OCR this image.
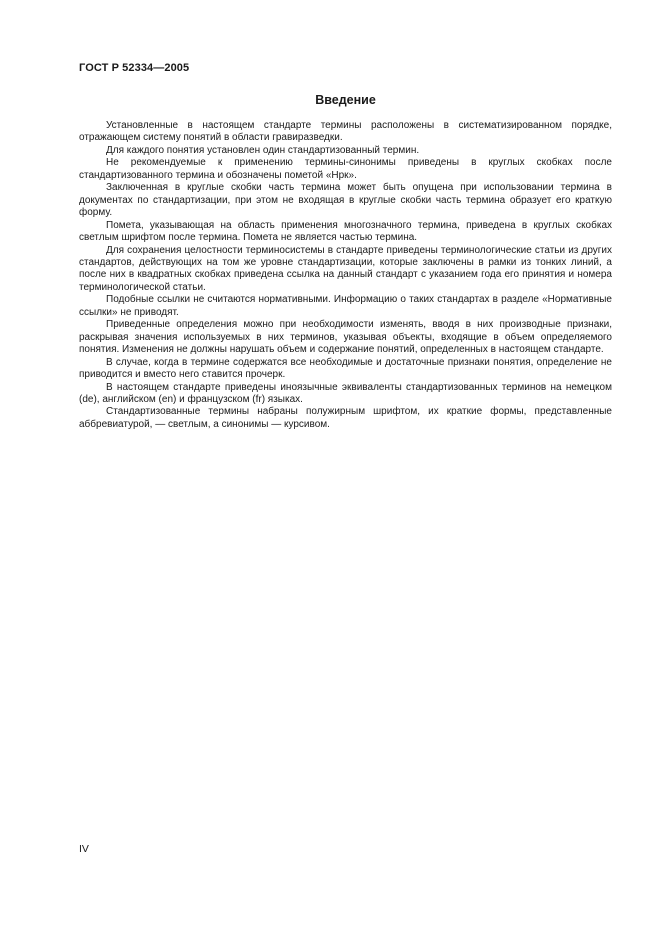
ГОСТ Р 52334—2005
Введение

Установленные в настоящем стандарте термины расположены в систематизированном порядке, отражающем систему понятий в области гравиразведки.

Для каждого понятия установлен один стандартизованный термин.

Не рекомендуемые к применению термины-синонимы приведены в круглых скобках после стандартизованного термина и обозначены пометой «Нрк».

Заключенная в круглые скобки часть термина может быть опущена при использовании термина в документах по стандартизации, при этом не входящая в круглые скобки часть термина образует его краткую форму.

Помета, указывающая на область применения многозначного термина, приведена в круглых скобках светлым шрифтом после термина. Помета не является частью термина.

Для сохранения целостности терминосистемы в стандарте приведены терминологические статьи из других стандартов, действующих на том же уровне стандартизации, которые заключены в рамки из тонких линий, а после них в квадратных скобках приведена ссылка на данный стандарт с указанием года его принятия и номера терминологической статьи.

Подобные ссылки не считаются нормативными. Информацию о таких стандартах в разделе «Нормативные ссылки» не приводят.

Приведенные определения можно при необходимости изменять, вводя в них производные признаки, раскрывая значения используемых в них терминов, указывая объекты, входящие в объем определяемого понятия. Изменения не должны нарушать объем и содержание понятий, определенных в настоящем стандарте.

В случае, когда в термине содержатся все необходимые и достаточные признаки понятия, определение не приводится и вместо него ставится прочерк.

В настоящем стандарте приведены иноязычные эквиваленты стандартизованных терминов на немецком (de), английском (en) и французском (fr) языках.

Стандартизованные термины набраны полужирным шрифтом, их краткие формы, представленные аббревиатурой, — светлым, а синонимы — курсивом.

IV
